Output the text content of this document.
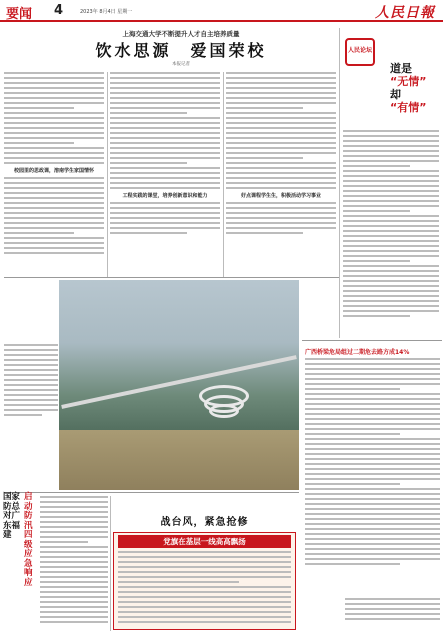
要闻 4	2023年 8月4日 星期一	人民日報
上海交通大学不断提升人才自主培养质量
饮水思源　爱国荣校
本报记者　　　　　　　
校园里的思政课，溶南学生家国情怀
工程实践的课堂，培养创新意识和能力	好点课程学生生，积极活动学习事业
人民论坛
道是
“无情”
却
“有情”
广西桥梁危局组过二期危去路方成14%
启动防汛四级应急响应
国家防总对广东福建
战台风，紧急抢修
党旗在基层一线高高飘扬
